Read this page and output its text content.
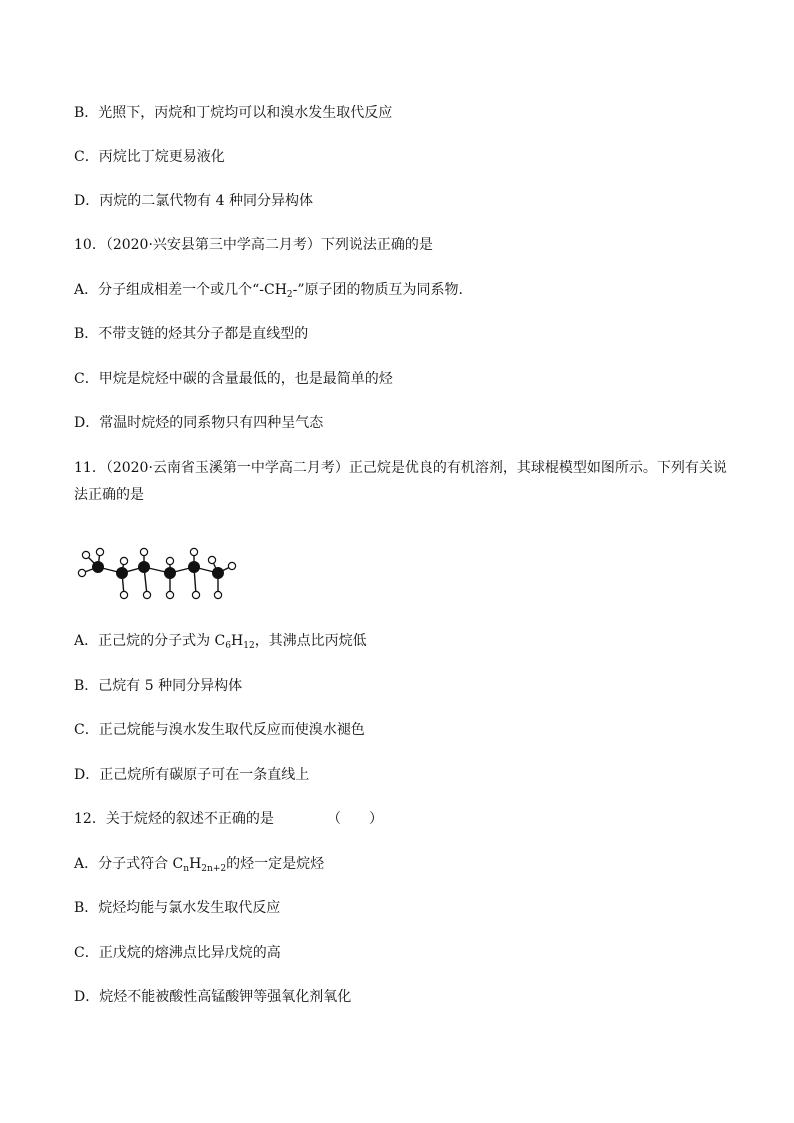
B．光照下，丙烷和丁烷均可以和溴水发生取代反应
C．丙烷比丁烷更易液化
D．丙烷的二氯代物有 4 种同分异构体
10．（2020·兴安县第三中学高二月考）下列说法正确的是
A．分子组成相差一个或几个“$-CH_2-$”原子团的物质互为同系物.
B．不带支链的烃其分子都是直线型的
C．甲烷是烷烃中碳的含量最低的，也是最简单的烃
D．常温时烷烃的同系物只有四种呈气态
11．（2020·云南省玉溪第一中学高二月考）正己烷是优良的有机溶剂，其球棍模型如图所示。下列有关说法正确的是
A．正己烷的分子式为 $C_6H_{12}$，其沸点比丙烷低
B．己烷有 5 种同分异构体
C．正己烷能与溴水发生取代反应而使溴水褪色
D．正己烷所有碳原子可在一条直线上
12．关于烷烃的叙述不正确的是	（　　）
A．分子式符合 $C_nH_{2n+2}$的烃一定是烷烃
B．烷烃均能与氯水发生取代反应
C．正戊烷的熔沸点比异戊烷的高
D．烷烃不能被酸性高锰酸钾等强氧化剂氧化
